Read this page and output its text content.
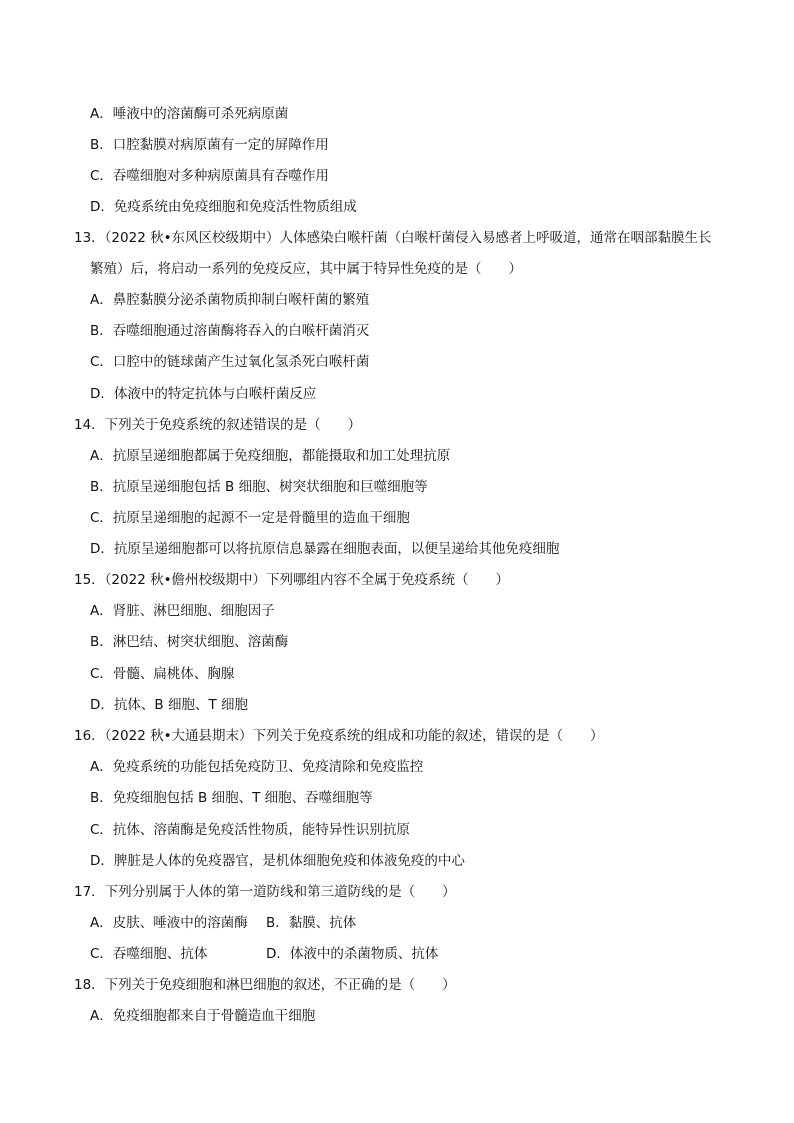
A．唾液中的溶菌酶可杀死病原菌
B．口腔黏膜对病原菌有一定的屏障作用
C．吞噬细胞对多种病原菌具有吞噬作用
D．免疫系统由免疫细胞和免疫活性物质组成
13．（2022 秋•东风区校级期中）人体感染白喉杆菌（白喉杆菌侵入易感者上呼吸道，通常在咽部黏膜生长
繁殖）后，将启动一系列的免疫反应，其中属于特异性免疫的是（　　）
A．鼻腔黏膜分泌杀菌物质抑制白喉杆菌的繁殖
B．吞噬细胞通过溶菌酶将吞入的白喉杆菌消灭
C．口腔中的链球菌产生过氧化氢杀死白喉杆菌
D．体液中的特定抗体与白喉杆菌反应
14．下列关于免疫系统的叙述错误的是（　　）
A．抗原呈递细胞都属于免疫细胞，都能摄取和加工处理抗原
B．抗原呈递细胞包括 B 细胞、树突状细胞和巨噬细胞等
C．抗原呈递细胞的起源不一定是骨髓里的造血干细胞
D．抗原呈递细胞都可以将抗原信息暴露在细胞表面，以便呈递给其他免疫细胞
15．（2022 秋•儋州校级期中）下列哪组内容不全属于免疫系统（　　）
A．肾脏、淋巴细胞、细胞因子
B．淋巴结、树突状细胞、溶菌酶
C．骨髓、扁桃体、胸腺
D．抗体、B 细胞、T 细胞
16．（2022 秋•大通县期末）下列关于免疫系统的组成和功能的叙述，错误的是（　　）
A．免疫系统的功能包括免疫防卫、免疫清除和免疫监控
B．免疫细胞包括 B 细胞、T 细胞、吞噬细胞等
C．抗体、溶菌酶是免疫活性物质，能特异性识别抗原
D．脾脏是人体的免疫器官，是机体细胞免疫和体液免疫的中心
17．下列分别属于人体的第一道防线和第三道防线的是（　　）
A．皮肤、唾液中的溶菌酶 B．黏膜、抗体
C．吞噬细胞、抗体	D．体液中的杀菌物质、抗体
18．下列关于免疫细胞和淋巴细胞的叙述，不正确的是（　　）
A．免疫细胞都来自于骨髓造血干细胞
